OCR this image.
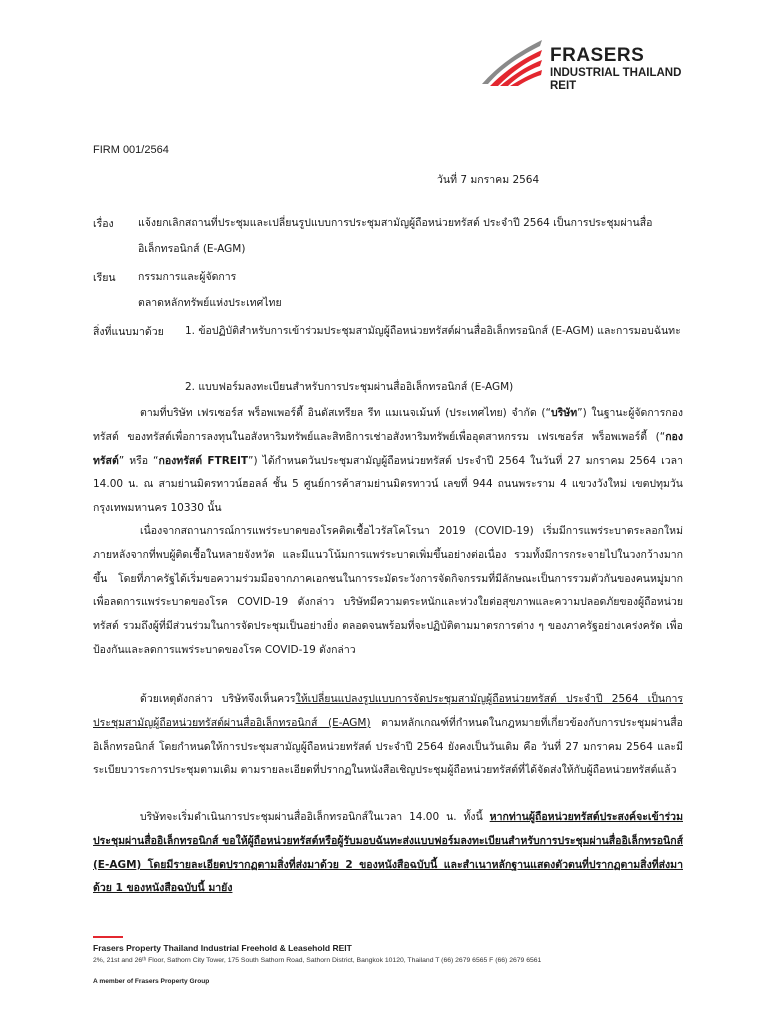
FRASERS
INDUSTRIAL THAILAND
REIT
FIRM 001/2564
วันที่ 7 มกราคม 2564
เรื่อง แจ้งยกเลิกสถานที่ประชุมและเปลี่ยนรูปแบบการประชุมสามัญผู้ถือหน่วยทรัสต์ ประจำปี 2564 เป็นการประชุมผ่านสื่ออิเล็กทรอนิกส์ (E-AGM)
เรียน กรรมการและผู้จัดการ
ตลาดหลักทรัพย์แห่งประเทศไทย
สิ่งที่แนบมาด้วย 1. ข้อปฏิบัติสำหรับการเข้าร่วมประชุมสามัญผู้ถือหน่วยทรัสต์ผ่านสื่ออิเล็กทรอนิกส์ (E-AGM) และการมอบฉันทะ
2. แบบฟอร์มลงทะเบียนสำหรับการประชุมผ่านสื่ออิเล็กทรอนิกส์ (E-AGM)
ตามที่บริษัท เฟรเซอร์ส พร็อพเพอร์ตี้ อินดัสเทรียล รีท แมเนจเม้นท์ (ประเทศไทย) จำกัด (“บริษัท”) ในฐานะผู้จัดการกองทรัสต์ ของทรัสต์เพื่อการลงทุนในอสังหาริมทรัพย์และสิทธิการเช่าอสังหาริมทรัพย์เพื่ออุตสาหกรรม เฟรเซอร์ส พร็อพเพอร์ตี้ (“กองทรัสต์” หรือ “กองทรัสต์ FTREIT”) ได้กำหนดวันประชุมสามัญผู้ถือหน่วยทรัสต์ ประจำปี 2564 ในวันที่ 27 มกราคม 2564 เวลา 14.00 น. ณ สามย่านมิตรทาวน์ฮอลล์ ชั้น 5 ศูนย์การค้าสามย่านมิตรทาวน์ เลขที่ 944 ถนนพระราม 4 แขวงวังใหม่ เขตปทุมวัน กรุงเทพมหานคร 10330 นั้น
เนื่องจากสถานการณ์การแพร่ระบาดของโรคติดเชื้อไวรัสโคโรนา 2019 (COVID-19) เริ่มมีการแพร่ระบาดระลอกใหม่ ภายหลังจากที่พบผู้ติดเชื้อในหลายจังหวัด และมีแนวโน้มการแพร่ระบาดเพิ่มขึ้นอย่างต่อเนื่อง รวมทั้งมีการกระจายไปในวงกว้างมากขึ้น โดยที่ภาครัฐได้เริ่มขอความร่วมมือจากภาคเอกชนในการระมัดระวังการจัดกิจกรรมที่มีลักษณะเป็นการรวมตัวกันของคนหมู่มาก เพื่อลดการแพร่ระบาดของโรค COVID-19 ดังกล่าว บริษัทมีความตระหนักและห่วงใยต่อสุขภาพและความปลอดภัยของผู้ถือหน่วยทรัสต์ รวมถึงผู้ที่มีส่วนร่วมในการจัดประชุมเป็นอย่างยิ่ง ตลอดจนพร้อมที่จะปฏิบัติตามมาตรการต่าง ๆ ของภาครัฐอย่างเคร่งครัด เพื่อป้องกันและลดการแพร่ระบาดของโรค COVID-19 ดังกล่าว
ด้วยเหตุดังกล่าว บริษัทจึงเห็นควรให้เปลี่ยนแปลงรูปแบบการจัดประชุมสามัญผู้ถือหน่วยทรัสต์ ประจำปี 2564 เป็นการประชุมสามัญผู้ถือหน่วยทรัสต์ผ่านสื่ออิเล็กทรอนิกส์ (E-AGM) ตามหลักเกณฑ์ที่กำหนดในกฎหมายที่เกี่ยวข้องกับการประชุมผ่านสื่ออิเล็กทรอนิกส์ โดยกำหนดให้การประชุมสามัญผู้ถือหน่วยทรัสต์ ประจำปี 2564 ยังคงเป็นวันเดิม คือ วันที่ 27 มกราคม 2564 และมีระเบียบวาระการประชุมตามเดิม ตามรายละเอียดที่ปรากฏในหนังสือเชิญประชุมผู้ถือหน่วยทรัสต์ที่ได้จัดส่งให้กับผู้ถือหน่วยทรัสต์แล้ว
บริษัทจะเริ่มดำเนินการประชุมผ่านสื่ออิเล็กทรอนิกส์ในเวลา 14.00 น. ทั้งนี้ หากท่านผู้ถือหน่วยทรัสต์ประสงค์จะเข้าร่วมประชุมผ่านสื่ออิเล็กทรอนิกส์ ขอให้ผู้ถือหน่วยทรัสต์หรือผู้รับมอบฉันทะส่งแบบฟอร์มลงทะเบียนสำหรับการประชุมผ่านสื่ออิเล็กทรอนิกส์ (E-AGM) โดยมีรายละเอียดปรากฏตามสิ่งที่ส่งมาด้วย 2 ของหนังสือฉบับนี้ และสำเนาหลักฐานแสดงตัวตนที่ปรากฏตามสิ่งที่ส่งมาด้วย 1 ของหนังสือฉบับนี้ มายัง
Frasers Property Thailand Industrial Freehold & Leasehold REIT
2%, 21st and 26ᵗʰ Floor, Sathorn City Tower, 175 South Sathorn Road, Sathorn District, Bangkok 10120, Thailand T (66) 2679 6565 F (66) 2679 6561
A member of Frasers Property Group
